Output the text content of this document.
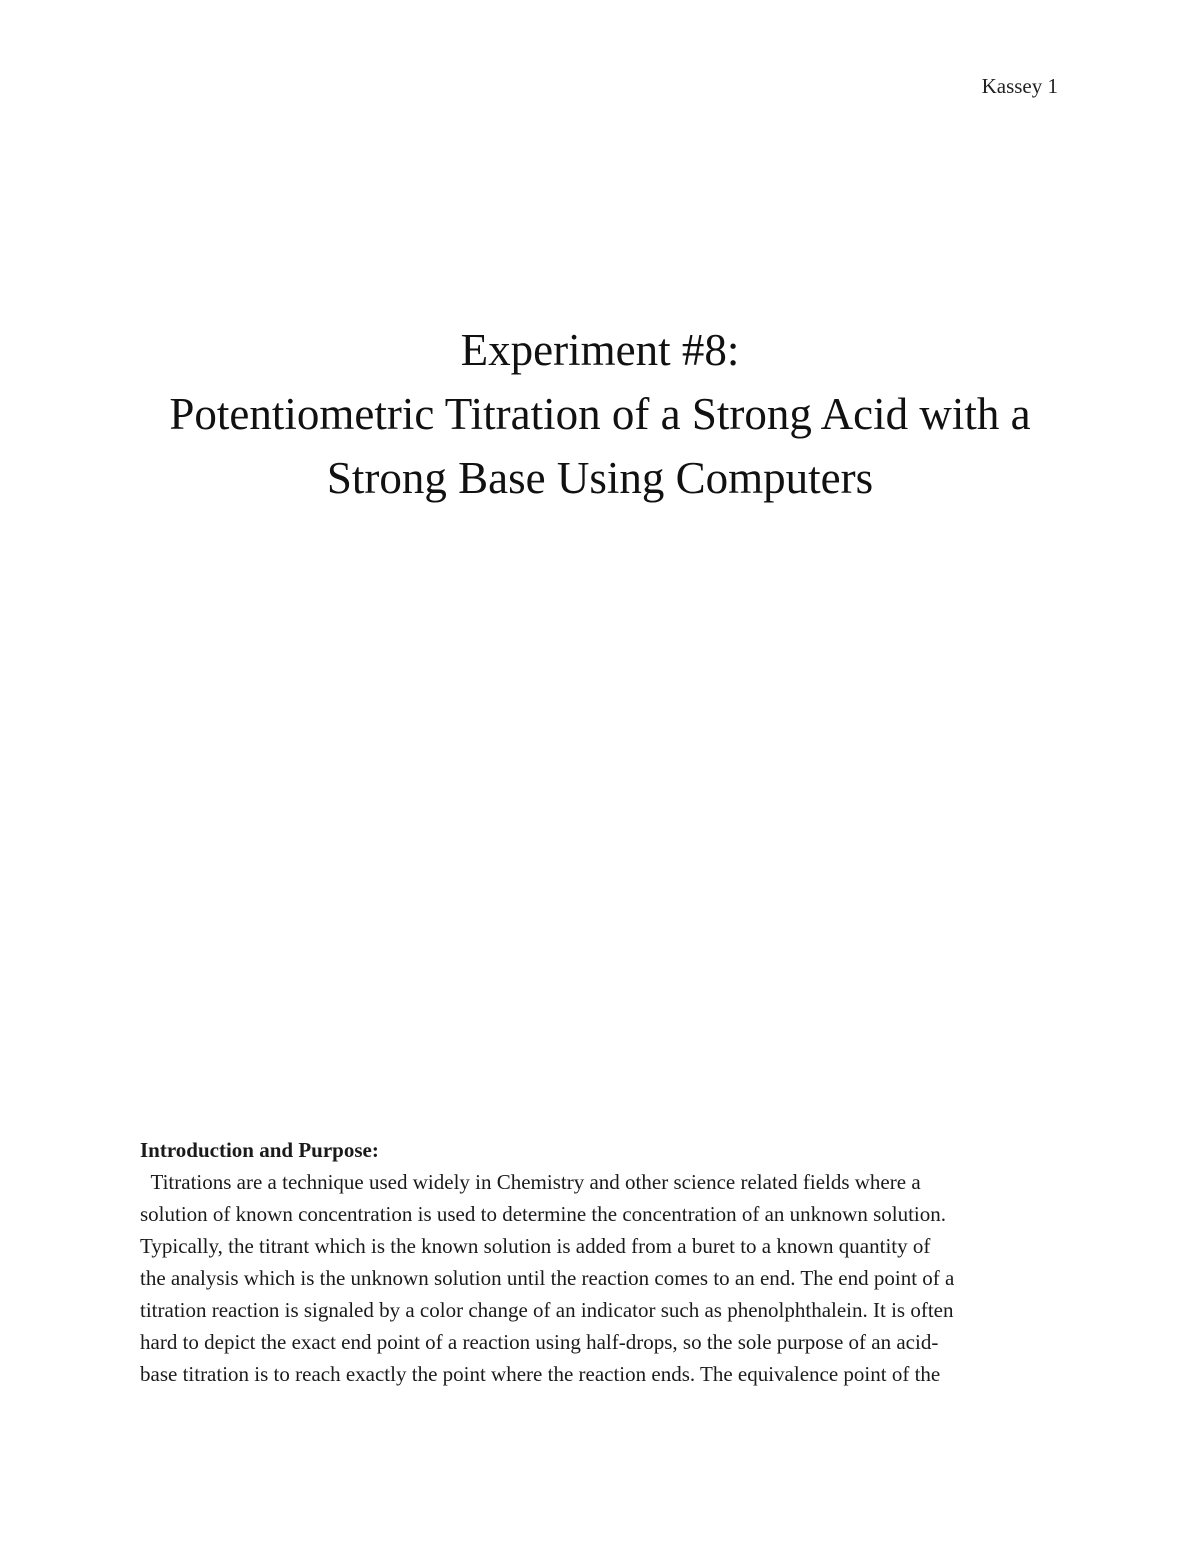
Kassey 1
Experiment #8:
Potentiometric Titration of a Strong Acid with a
Strong Base Using Computers
Introduction and Purpose:
Titrations are a technique used widely in Chemistry and other science related fields where a
solution of known concentration is used to determine the concentration of an unknown solution.
Typically, the titrant which is the known solution is added from a buret to a known quantity of
the analysis which is the unknown solution until the reaction comes to an end. The end point of a
titration reaction is signaled by a color change of an indicator such as phenolphthalein. It is often
hard to depict the exact end point of a reaction using half-drops, so the sole purpose of an acid-
base titration is to reach exactly the point where the reaction ends. The equivalence point of the
